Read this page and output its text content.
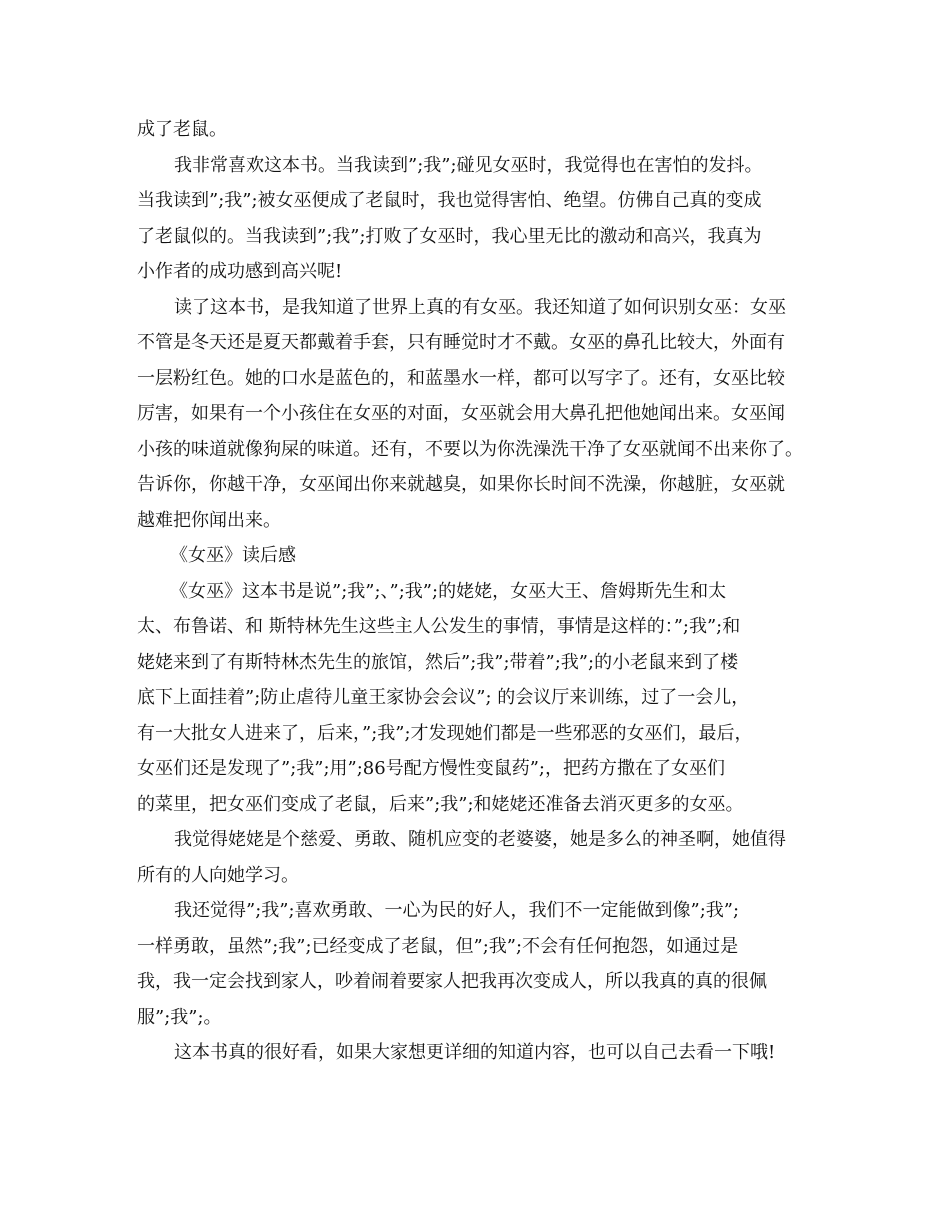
成了老鼠。
我非常喜欢这本书。当我读到”;我”;碰见女巫时，我觉得也在害怕的发抖。
当我读到”;我”;被女巫便成了老鼠时，我也觉得害怕、绝望。仿佛自己真的变成
了老鼠似的。当我读到”;我”;打败了女巫时，我心里无比的激动和高兴，我真为
小作者的成功感到高兴呢!
读了这本书，是我知道了世界上真的有女巫。我还知道了如何识别女巫：女巫
不管是冬天还是夏天都戴着手套，只有睡觉时才不戴。女巫的鼻孔比较大，外面有
一层粉红色。她的口水是蓝色的，和蓝墨水一样，都可以写字了。还有，女巫比较
厉害，如果有一个小孩住在女巫的对面，女巫就会用大鼻孔把他她闻出来。女巫闻
小孩的味道就像狗屎的味道。还有，不要以为你洗澡洗干净了女巫就闻不出来你了。
告诉你，你越干净，女巫闻出你来就越臭，如果你长时间不洗澡，你越脏，女巫就
越难把你闻出来。
《女巫》读后感
《女巫》这本书是说”;我”;、”;我”;的姥姥，女巫大王、詹姆斯先生和太
太、布鲁诺、和 斯特林先生这些主人公发生的事情，事情是这样的：”;我”;和
姥姥来到了有斯特林杰先生的旅馆，然后”;我”;带着”;我”;的小老鼠来到了楼
底下上面挂着”;防止虐待儿童王家协会会议”; 的会议厅来训练，过了一会儿，
有一大批女人进来了，后来，”;我”;才发现她们都是一些邪恶的女巫们，最后，
女巫们还是发现了”;我”;用”;86号配方慢性变鼠药”;，把药方撒在了女巫们
的菜里，把女巫们变成了老鼠，后来”;我”;和姥姥还准备去消灭更多的女巫。
我觉得姥姥是个慈爱、勇敢、随机应变的老婆婆，她是多么的神圣啊，她值得
所有的人向她学习。
我还觉得”;我”;喜欢勇敢、一心为民的好人，我们不一定能做到像”;我”;
一样勇敢，虽然”;我”;已经变成了老鼠，但”;我”;不会有任何抱怨，如通过是
我，我一定会找到家人，吵着闹着要家人把我再次变成人，所以我真的真的很佩
服”;我”;。
这本书真的很好看，如果大家想更详细的知道内容，也可以自己去看一下哦!
